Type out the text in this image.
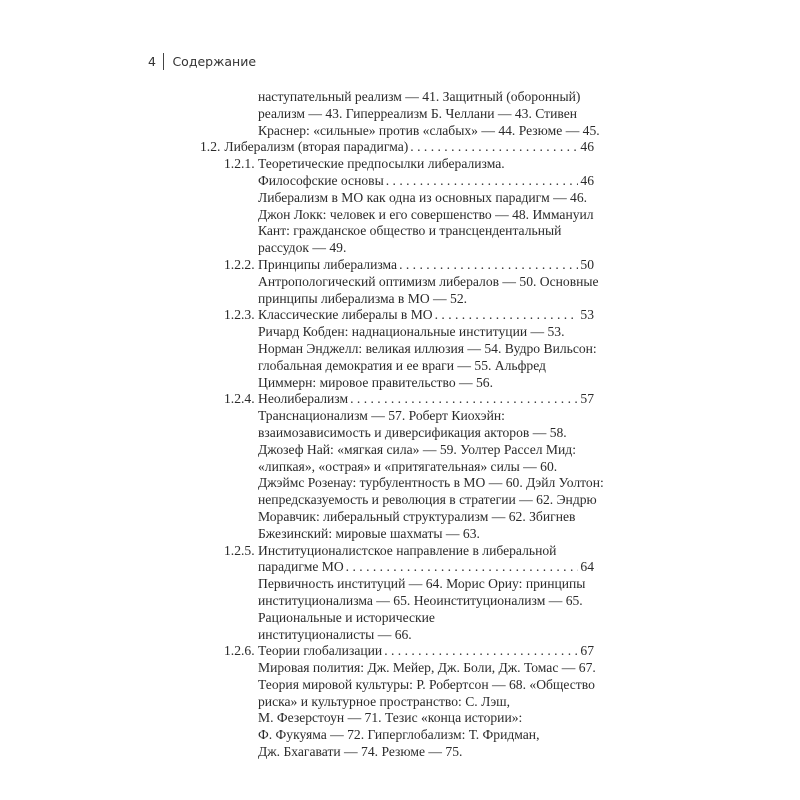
4 Содержание
наступательный реализм — 41. Защитный (оборонный)
реализм — 43. Гиперреализм Б. Челлани — 43. Стивен
Краснер: «сильные» против «слабых» — 44. Резюме — 45.
1.2. Либерализм (вторая парадигма) . . .	46
1.2.1. Теоретические предпосылки либерализма.
Философские основы . . .	46
Либерализм в МО как одна из основных парадигм — 46.
Джон Локк: человек и его совершенство — 48. Иммануил
Кант: гражданское общество и трансцендентальный
рассудок — 49.
1.2.2. Принципы либерализма . . .	50
Антропологический оптимизм либералов — 50. Основные
принципы либерализма в МО — 52.
1.2.3. Классические либералы в МО . . .	53
Ричард Кобден: наднациональные институции — 53.
Норман Энджелл: великая иллюзия — 54. Вудро Вильсон:
глобальная демократия и ее враги — 55. Альфред
Циммерн: мировое правительство — 56.
1.2.4. Неолиберализм . . .	57
Транснационализм — 57. Роберт Киохэйн:
взаимозависимость и диверсификация акторов — 58.
Джозеф Най: «мягкая сила» — 59. Уолтер Рассел Мид:
«липкая», «острая» и «притягательная» силы — 60.
Джэймс Розенау: турбулентность в МО — 60. Дэйл Уолтон:
непредсказуемость и революция в стратегии — 62. Эндрю
Моравчик: либеральный структурализм — 62. Збигнев
Бжезинский: мировые шахматы — 63.
1.2.5. Институционалистское направление в либеральной
парадигме МО . . .	64
Первичность институций — 64. Морис Ориу: принципы
институционализма — 65. Неоинституционализм — 65.
Рациональные и исторические
институционалисты — 66.
1.2.6. Теории глобализации . . .	67
Мировая полития: Дж. Мейер, Дж. Боли, Дж. Томас — 67.
Теория мировой культуры: Р. Робертсон — 68. «Общество
риска» и культурное пространство: С. Лэш,
М. Фезерстоун — 71. Тезис «конца истории»:
Ф. Фукуяма — 72. Гиперглобализм: Т. Фридман,
Дж. Бхагавати — 74. Резюме — 75.
